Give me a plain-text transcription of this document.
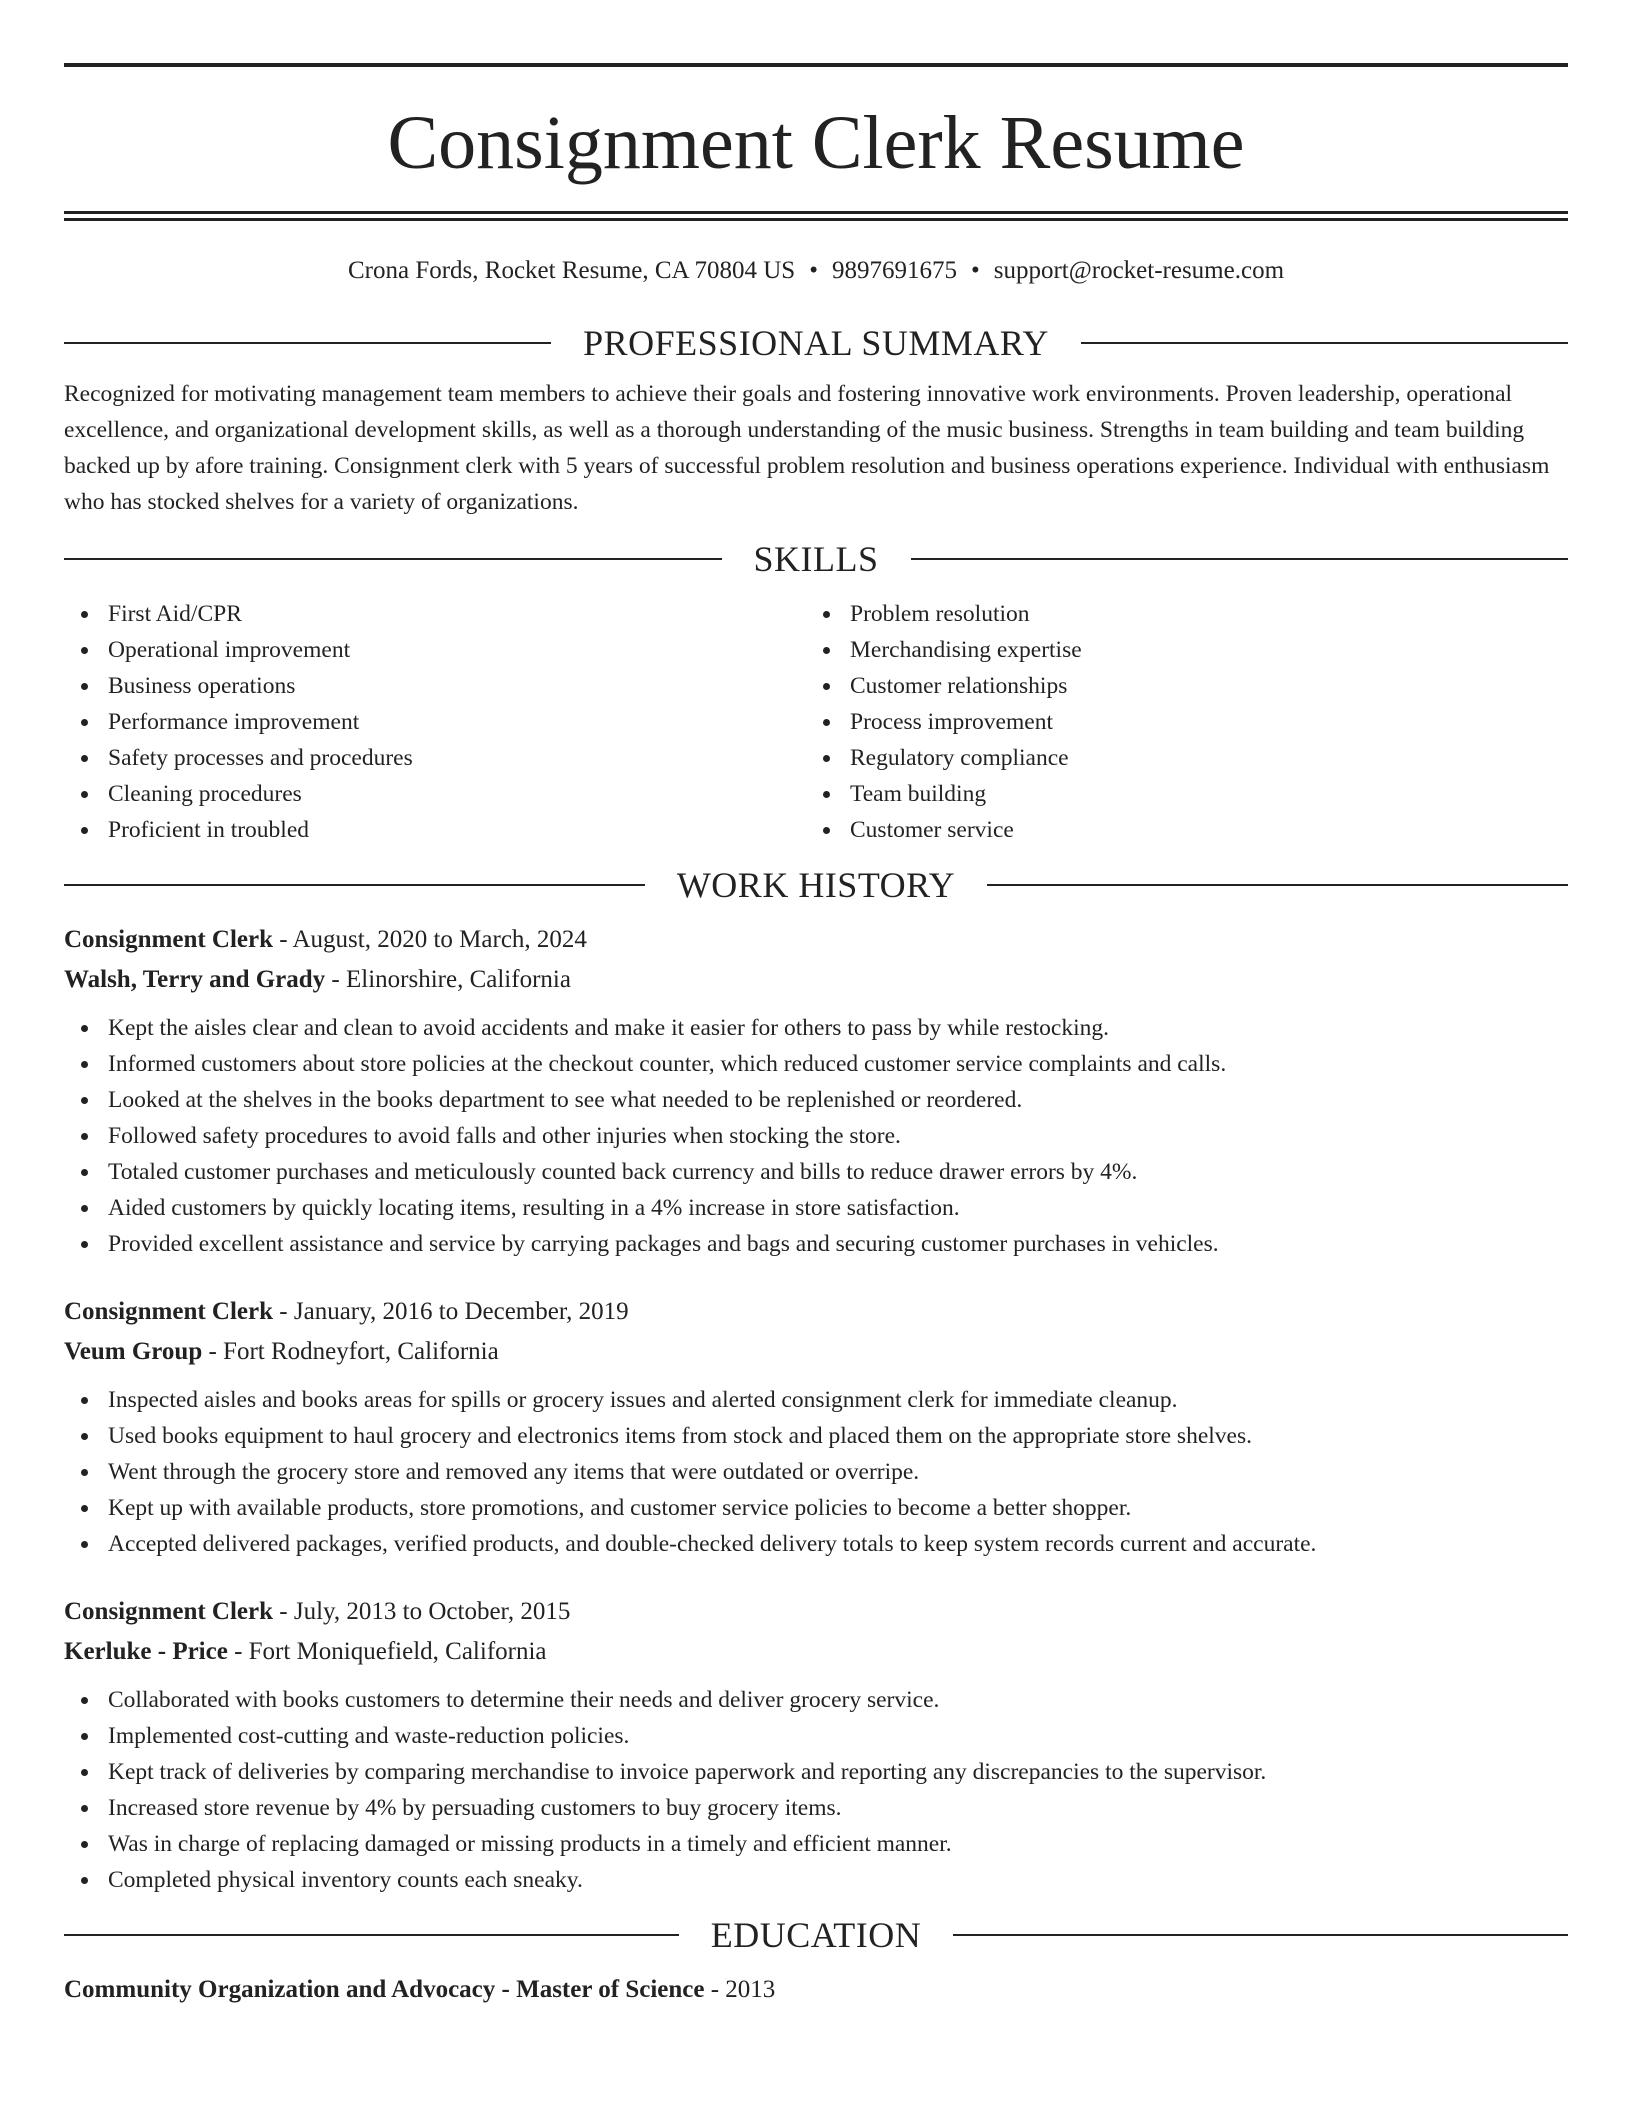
Consignment Clerk Resume
Crona Fords, Rocket Resume, CA 70804 US • 9897691675 • support@rocket-resume.com
PROFESSIONAL SUMMARY

Recognized for motivating management team members to achieve their goals and fostering innovative work environments. Proven leadership, operational excellence, and organizational development skills, as well as a thorough understanding of the music business. Strengths in team building and team building backed up by afore training. Consignment clerk with 5 years of successful problem resolution and business operations experience. Individual with enthusiasm who has stocked shelves for a variety of organizations.

SKILLS
First Aid/CPR
Operational improvement
Business operations
Performance improvement
Safety processes and procedures
Cleaning procedures
Proficient in troubled
Problem resolution
Merchandising expertise
Customer relationships
Process improvement
Regulatory compliance
Team building
Customer service
WORK HISTORY
Consignment Clerk - August, 2020 to March, 2024
Walsh, Terry and Grady - Elinorshire, California
Kept the aisles clear and clean to avoid accidents and make it easier for others to pass by while restocking.
Informed customers about store policies at the checkout counter, which reduced customer service complaints and calls.
Looked at the shelves in the books department to see what needed to be replenished or reordered.
Followed safety procedures to avoid falls and other injuries when stocking the store.
Totaled customer purchases and meticulously counted back currency and bills to reduce drawer errors by 4%.
Aided customers by quickly locating items, resulting in a 4% increase in store satisfaction.
Provided excellent assistance and service by carrying packages and bags and securing customer purchases in vehicles.
Consignment Clerk - January, 2016 to December, 2019
Veum Group - Fort Rodneyfort, California
Inspected aisles and books areas for spills or grocery issues and alerted consignment clerk for immediate cleanup.
Used books equipment to haul grocery and electronics items from stock and placed them on the appropriate store shelves.
Went through the grocery store and removed any items that were outdated or overripe.
Kept up with available products, store promotions, and customer service policies to become a better shopper.
Accepted delivered packages, verified products, and double-checked delivery totals to keep system records current and accurate.
Consignment Clerk - July, 2013 to October, 2015
Kerluke - Price - Fort Moniquefield, California
Collaborated with books customers to determine their needs and deliver grocery service.
Implemented cost-cutting and waste-reduction policies.
Kept track of deliveries by comparing merchandise to invoice paperwork and reporting any discrepancies to the supervisor.
Increased store revenue by 4% by persuading customers to buy grocery items.
Was in charge of replacing damaged or missing products in a timely and efficient manner.
Completed physical inventory counts each sneaky.
EDUCATION
Community Organization and Advocacy - Master of Science - 2013
